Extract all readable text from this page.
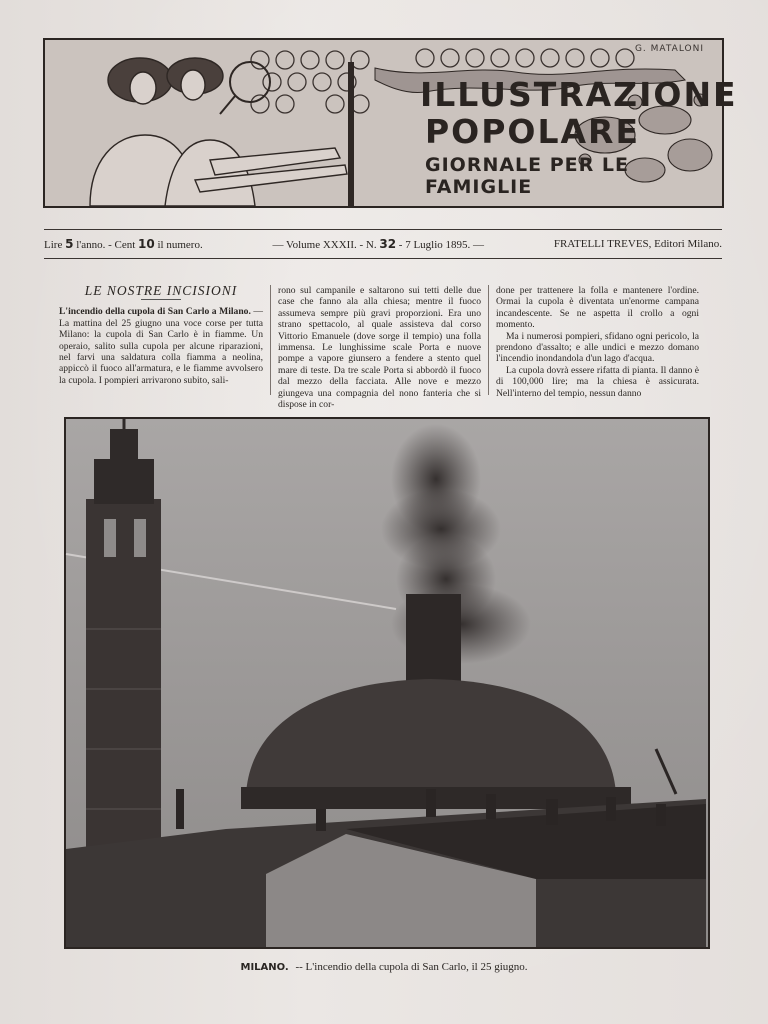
G. MATALONI
ILLUSTRAZIONE
POPOLARE
GIORNALE PER LE FAMIGLIE
Lire 5 l'anno. - Cent 10 il numero.	— Volume XXXII. - N. 32 - 7 Luglio 1895. —	FRATELLI TREVES, Editori Milano.
LE NOSTRE INCISIONI

L'incendio della cupola di San Carlo a Milano. — La mattina del 25 giugno una voce corse per tutta Milano: la cupola di San Carlo è in fiamme. Un operaio, salito sulla cupola per alcune riparazioni, nel farvi una saldatura colla fiamma a neolina, appiccò il fuoco all'armatura, e le fiamme avvolsero la cupola. I pompieri arrivarono subito, sali-

rono sul campanile e saltarono sui tetti delle due case che fanno ala alla chiesa; mentre il fuoco assumeva sempre più gravi proporzioni. Era uno strano spettacolo, al quale assisteva dal corso Vittorio Emanuele (dove sorge il tempio) una folla immensa. Le lunghissime scale Porta e nuove pompe a vapore giunsero a fendere a stento quel mare di teste. Da tre scale Porta si abbordò il fuoco dal mezzo della facciata. Alle nove e mezzo giungeva una compagnia del nono fanteria che si dispose in cor-

done per trattenere la folla e mantenere l'ordine. Ormai la cupola è diventata un'enorme campana incandescente. Se ne aspetta il crollo a ogni momento.

Ma i numerosi pompieri, sfidano ogni pericolo, la prendono d'assalto; e alle undici e mezzo domano l'incendio inondandola d'un lago d'acqua.

La cupola dovrà essere rifatta di pianta. Il danno è di 100,000 lire; ma la chiesa è assicurata. Nell'interno del tempio, nessun danno

MILANO. -- L'incendio della cupola di San Carlo, il 25 giugno.
